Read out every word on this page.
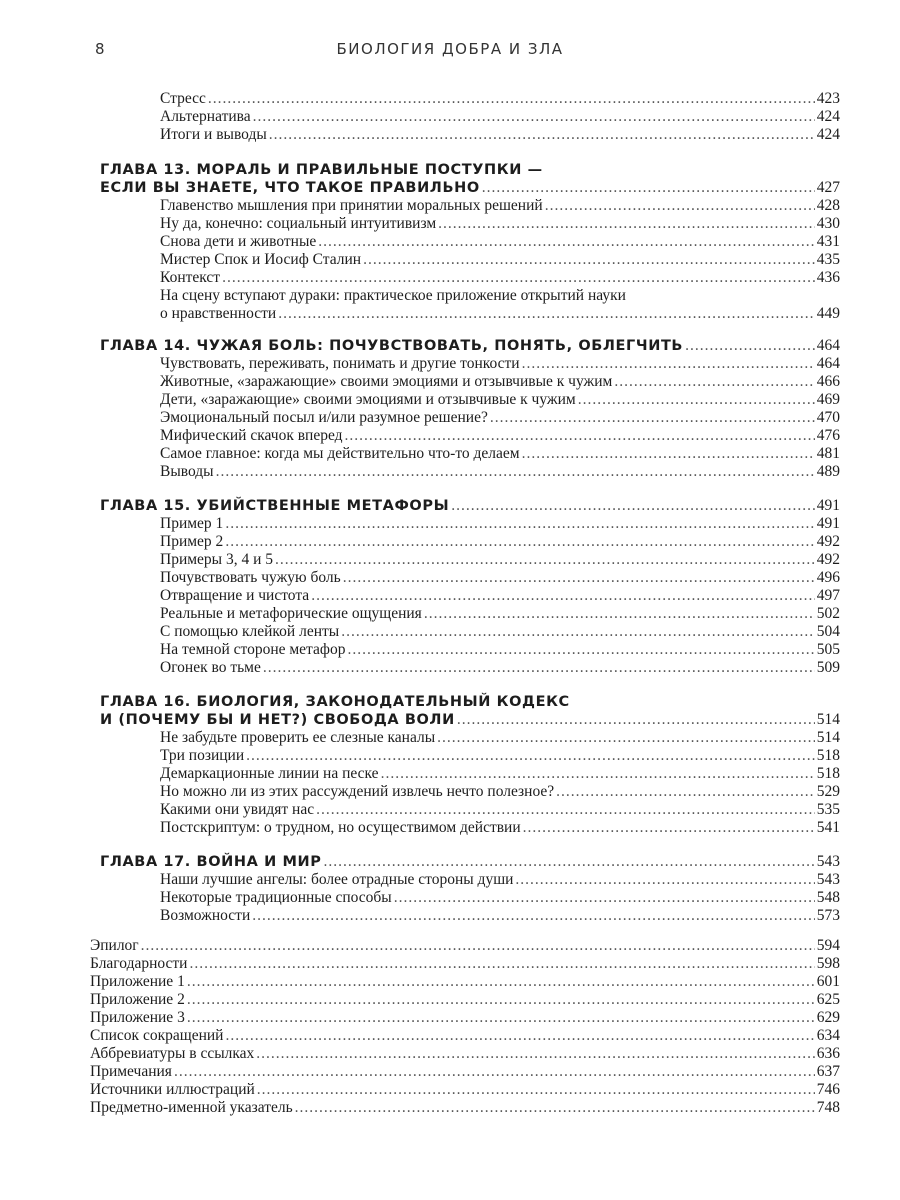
8	БИОЛОГИЯ ДОБРА И ЗЛА
Стресс .....	423
Альтернатива .....	424
Итоги и выводы .....	424
ГЛАВА 13. МОРАЛЬ И ПРАВИЛЬНЫЕ ПОСТУПКИ —
ЕСЛИ ВЫ ЗНАЕТЕ, ЧТО ТАКОЕ ПРАВИЛЬНО .....	427
Главенство мышления при принятии моральных решений .....	428
Ну да, конечно: социальный интуитивизм .....	430
Снова дети и животные .....	431
Мистер Спок и Иосиф Сталин .....	435
Контекст .....	436
На сцену вступают дураки: практическое приложение открытий науки
о нравственности .....	449
ГЛАВА 14. ЧУЖАЯ БОЛЬ: ПОЧУВСТВОВАТЬ, ПОНЯТЬ, ОБЛЕГЧИТЬ .....	464
Чувствовать, переживать, понимать и другие тонкости .....	464
Животные, «заражающие» своими эмоциями и отзывчивые к чужим .....	466
Дети, «заражающие» своими эмоциями и отзывчивые к чужим .....	469
Эмоциональный посыл и/или разумное решение? .....	470
Мифический скачок вперед .....	476
Самое главное: когда мы действительно что-то делаем .....	481
Выводы .....	489
ГЛАВА 15. УБИЙСТВЕННЫЕ МЕТАФОРЫ .....	491
Пример 1 .....	491
Пример 2 .....	492
Примеры 3, 4 и 5 .....	492
Почувствовать чужую боль .....	496
Отвращение и чистота .....	497
Реальные и метафорические ощущения .....	502
С помощью клейкой ленты .....	504
На темной стороне метафор .....	505
Огонек во тьме .....	509
ГЛАВА 16. БИОЛОГИЯ, ЗАКОНОДАТЕЛЬНЫЙ КОДЕКС
И (ПОЧЕМУ БЫ И НЕТ?) СВОБОДА ВОЛИ .....	514
Не забудьте проверить ее слезные каналы .....	514
Три позиции .....	518
Демаркационные линии на песке .....	518
Но можно ли из этих рассуждений извлечь нечто полезное? .....	529
Какими они увидят нас .....	535
Постскриптум: о трудном, но осуществимом действии .....	541
ГЛАВА 17. ВОЙНА И МИР .....	543
Наши лучшие ангелы: более отрадные стороны души .....	543
Некоторые традиционные способы .....	548
Возможности .....	573
Эпилог .....	594
Благодарности .....	598
Приложение 1 .....	601
Приложение 2 .....	625
Приложение 3 .....	629
Список сокращений .....	634
Аббревиатуры в ссылках .....	636
Примечания .....	637
Источники иллюстраций .....	746
Предметно-именной указатель .....	748
